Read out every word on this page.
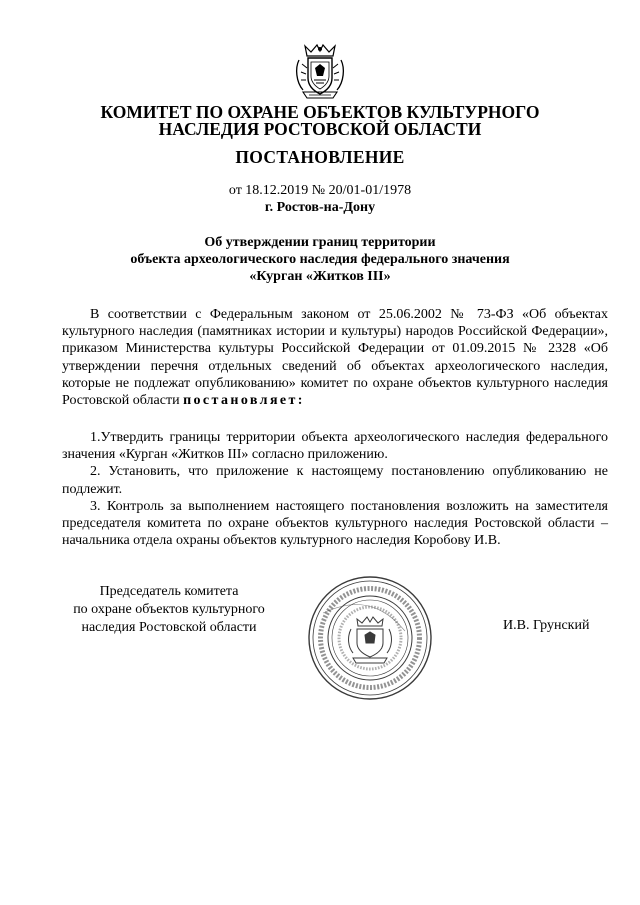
КОМИТЕТ ПО ОХРАНЕ ОБЪЕКТОВ КУЛЬТУРНОГО
НАСЛЕДИЯ РОСТОВСКОЙ ОБЛАСТИ
ПОСТАНОВЛЕНИЕ
от 18.12.2019 № 20/01-01/1978
г. Ростов-на-Дону
Об утверждении границ территории
объекта археологического наследия федерального значения
«Курган «Житков III»

В соответствии с Федеральным законом от 25.06.2002 № 73-ФЗ «Об объектах культурного наследия (памятниках истории и культуры) народов Российской Федерации», приказом Министерства культуры Российской Федерации от 01.09.2015 № 2328 «Об утверждении перечня отдельных сведений об объектах археологического наследия, которые не подлежат опубликованию» комитет по охране объектов культурного наследия Ростовской области постановляет:

1.Утвердить границы территории объекта археологического наследия федерального значения «Курган «Житков III» согласно приложению.

2. Установить, что приложение к настоящему постановлению опубликованию не подлежит.

3. Контроль за выполнением настоящего постановления возложить на заместителя председателя комитета по охране объектов культурного наследия Ростовской области – начальника отдела охраны объектов культурного наследия Коробову И.В.

Председатель комитета
по охране объектов культурного
наследия Ростовской области	И.В. Грунский
